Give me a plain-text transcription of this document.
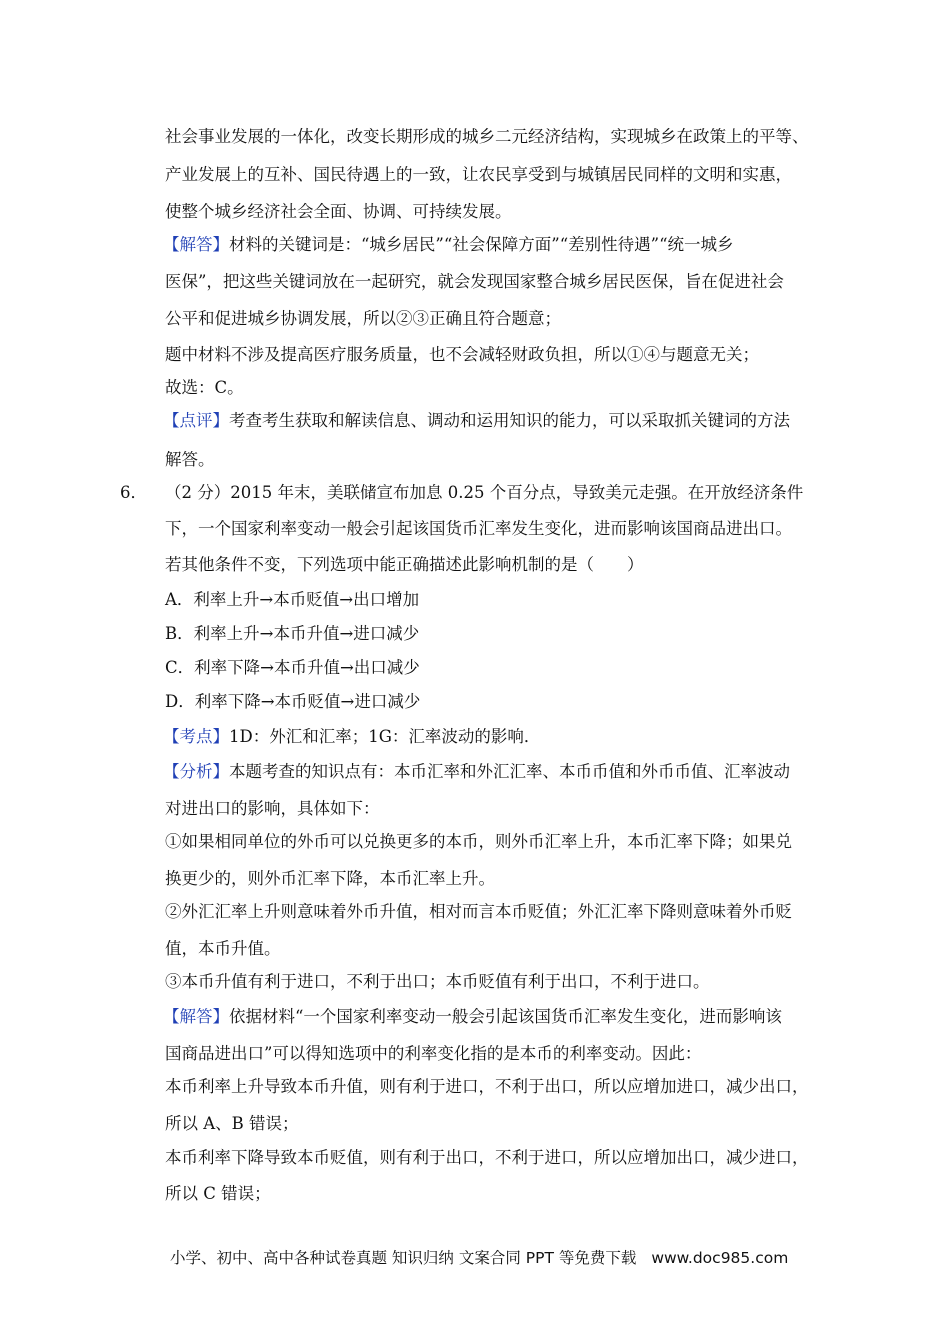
社会事业发展的一体化，改变长期形成的城乡二元经济结构，实现城乡在政策上的平等、
产业发展上的互补、国民待遇上的一致，让农民享受到与城镇居民同样的文明和实惠，
使整个城乡经济社会全面、协调、可持续发展。
【解答】材料的关键词是：“城乡居民”“社会保障方面”“差别性待遇”“统一城乡
医保”，把这些关键词放在一起研究，就会发现国家整合城乡居民医保，旨在促进社会
公平和促进城乡协调发展，所以②③正确且符合题意；
题中材料不涉及提高医疗服务质量，也不会减轻财政负担，所以①④与题意无关；
故选：C。
【点评】考查考生获取和解读信息、调动和运用知识的能力，可以采取抓关键词的方法
解答。
6． （2 分）2015 年末，美联储宣布加息 0.25 个百分点，导致美元走强。在开放经济条件
下，一个国家利率变动一般会引起该国货币汇率发生变化，进而影响该国商品进出口。
若其他条件不变，下列选项中能正确描述此影响机制的是（　　）
A．利率上升→本币贬值→出口增加
B．利率上升→本币升值→进口减少
C．利率下降→本币升值→出口减少
D．利率下降→本币贬值→进口减少
【考点】1D：外汇和汇率；1G：汇率波动的影响．
【分析】本题考查的知识点有：本币汇率和外汇汇率、本币币值和外币币值、汇率波动
对进出口的影响，具体如下：
①如果相同单位的外币可以兑换更多的本币，则外币汇率上升，本币汇率下降；如果兑
换更少的，则外币汇率下降，本币汇率上升。
②外汇汇率上升则意味着外币升值，相对而言本币贬值；外汇汇率下降则意味着外币贬
值，本币升值。
③本币升值有利于进口，不利于出口；本币贬值有利于出口，不利于进口。
【解答】依据材料“一个国家利率变动一般会引起该国货币汇率发生变化，进而影响该
国商品进出口”可以得知选项中的利率变化指的是本币的利率变动。因此：
本币利率上升导致本币升值，则有利于进口，不利于出口，所以应增加进口，减少出口，
所以 A、B 错误；
本币利率下降导致本币贬值，则有利于出口，不利于进口，所以应增加出口，减少进口，
所以 C 错误；
小学、初中、高中各种试卷真题 知识归纳 文案合同 PPT 等免费下载 www.doc985.com
